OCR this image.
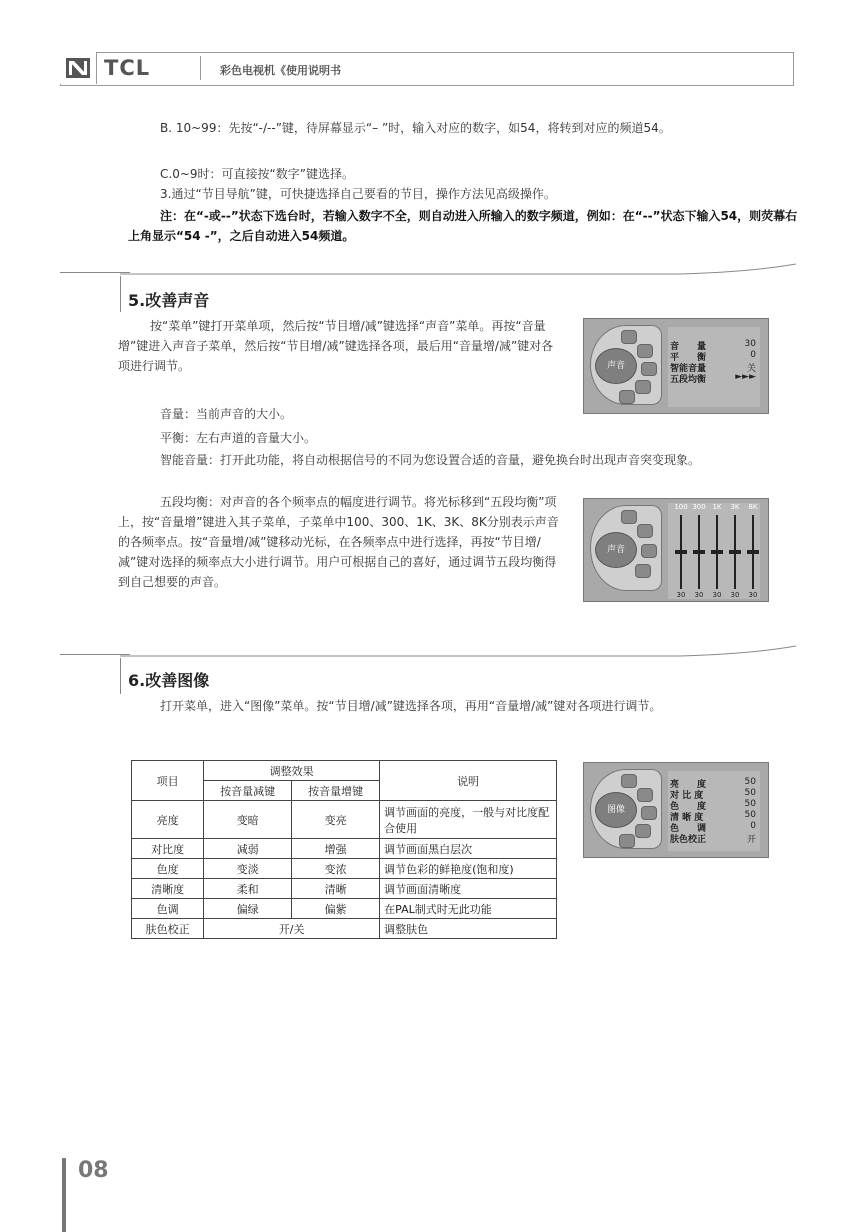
TCL	彩色电视机《使用说明书
B. 10~99：先按“-/--”键，待屏幕显示“– ”时，输入对应的数字，如54，将转到对应的频道54。
C.0~9时：可直接按“数字”键选择。
3.通过“节目导航”键，可快捷选择自己要看的节目，操作方法见高级操作。
注：在“-或--”状态下选台时，若输入数字不全，则自动进入所输入的数字频道，例如：在“--”状态下输入54，则荧幕右上角显示“54 -”，之后自动进入54频道。
5.改善声音
按“菜单”键打开菜单项，然后按“节目增/减”键选择“声音”菜单。再按“音量增”键进入声音子菜单，然后按“节目增/减”键选择各项，最后用“音量增/减”键对各项进行调节。
音量：当前声音的大小。
平衡：左右声道的音量大小。
智能音量：打开此功能，将自动根据信号的不同为您设置合适的音量，避免换台时出现声音突变现象。
五段均衡：对声音的各个频率点的幅度进行调节。将光标移到“五段均衡”项上，按“音量增”键进入其子菜单，子菜单中100、300、1K、3K、8K分别表示声音的各频率点。按“音量增/减”键移动光标，在各频率点中进行选择，再按“节目增/减”键对选择的频率点大小进行调节。用户可根据自己的喜好，通过调节五段均衡得到自己想要的声音。
声音
音　　量	30
平　　衡	0
智能音量	关
五段均衡	►►►
声音
100
30
300
30
1K
30
3K
30
8K
30
6.改善图像
打开菜单，进入“图像”菜单。按“节目增/减”键选择各项，再用“音量增/减”键对各项进行调节。
项目	调整效果		说明
	按音量减键	按音量增键	
亮度	变暗	变亮	调节画面的亮度，一般与对比度配合使用
对比度	减弱	增强	调节画面黑白层次
色度	变淡	变浓	调节色彩的鲜艳度(饱和度)
清晰度	柔和	清晰	调节画面清晰度
色调	偏绿	偏紫	在PAL制式时无此功能
肤色校正	开/关		调整肤色
图像
亮　　度	50
对 比 度	50
色　　度	50
清 晰 度	50
色　　调	0
肤色校正	开
08
